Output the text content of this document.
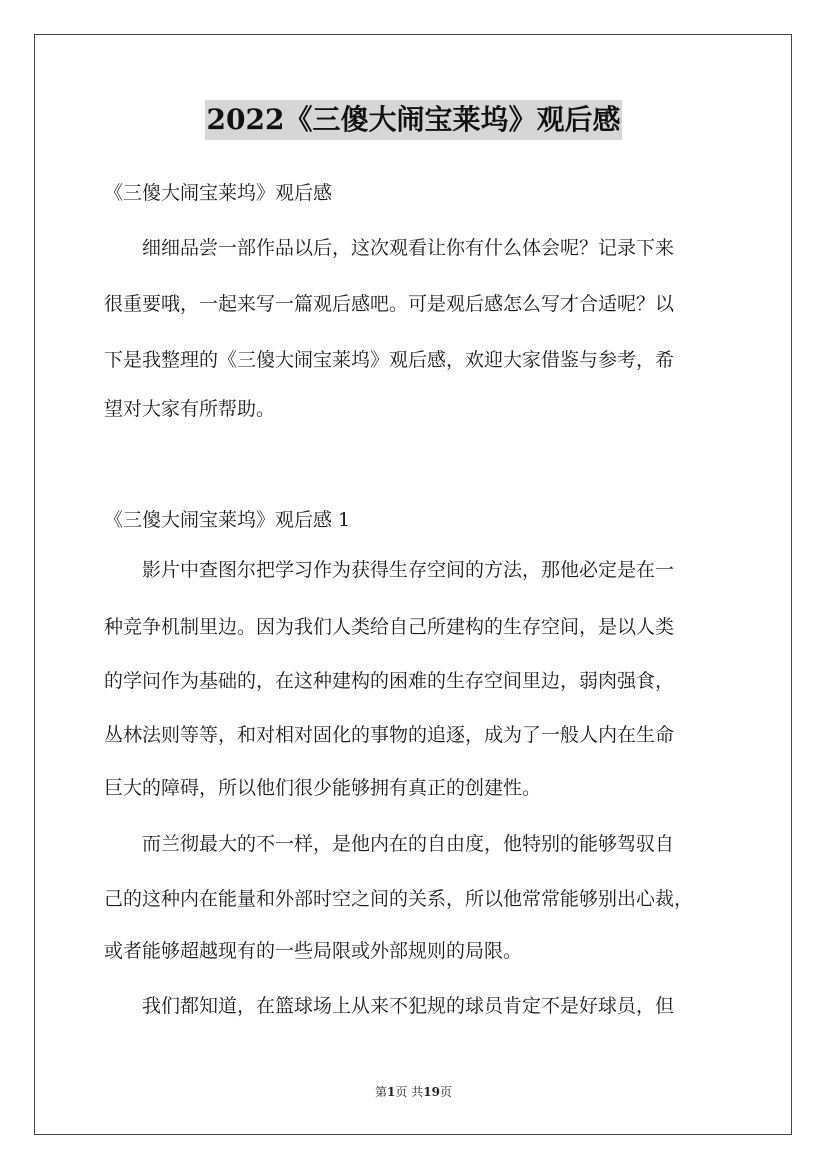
2022《三傻大闹宝莱坞》观后感
《三傻大闹宝莱坞》观后感
细细品尝一部作品以后，这次观看让你有什么体会呢？记录下来
很重要哦，一起来写一篇观后感吧。可是观后感怎么写才合适呢？以
下是我整理的《三傻大闹宝莱坞》观后感，欢迎大家借鉴与参考，希
望对大家有所帮助。
《三傻大闹宝莱坞》观后感 1
影片中查图尔把学习作为获得生存空间的方法，那他必定是在一
种竞争机制里边。因为我们人类给自己所建构的生存空间，是以人类
的学问作为基础的，在这种建构的困难的生存空间里边，弱肉强食，
丛林法则等等，和对相对固化的事物的追逐，成为了一般人内在生命
巨大的障碍，所以他们很少能够拥有真正的创建性。
而兰彻最大的不一样，是他内在的自由度，他特别的能够驾驭自
己的这种内在能量和外部时空之间的关系，所以他常常能够别出心裁，
或者能够超越现有的一些局限或外部规则的局限。
我们都知道，在篮球场上从来不犯规的球员肯定不是好球员，但
第1页 共19页
